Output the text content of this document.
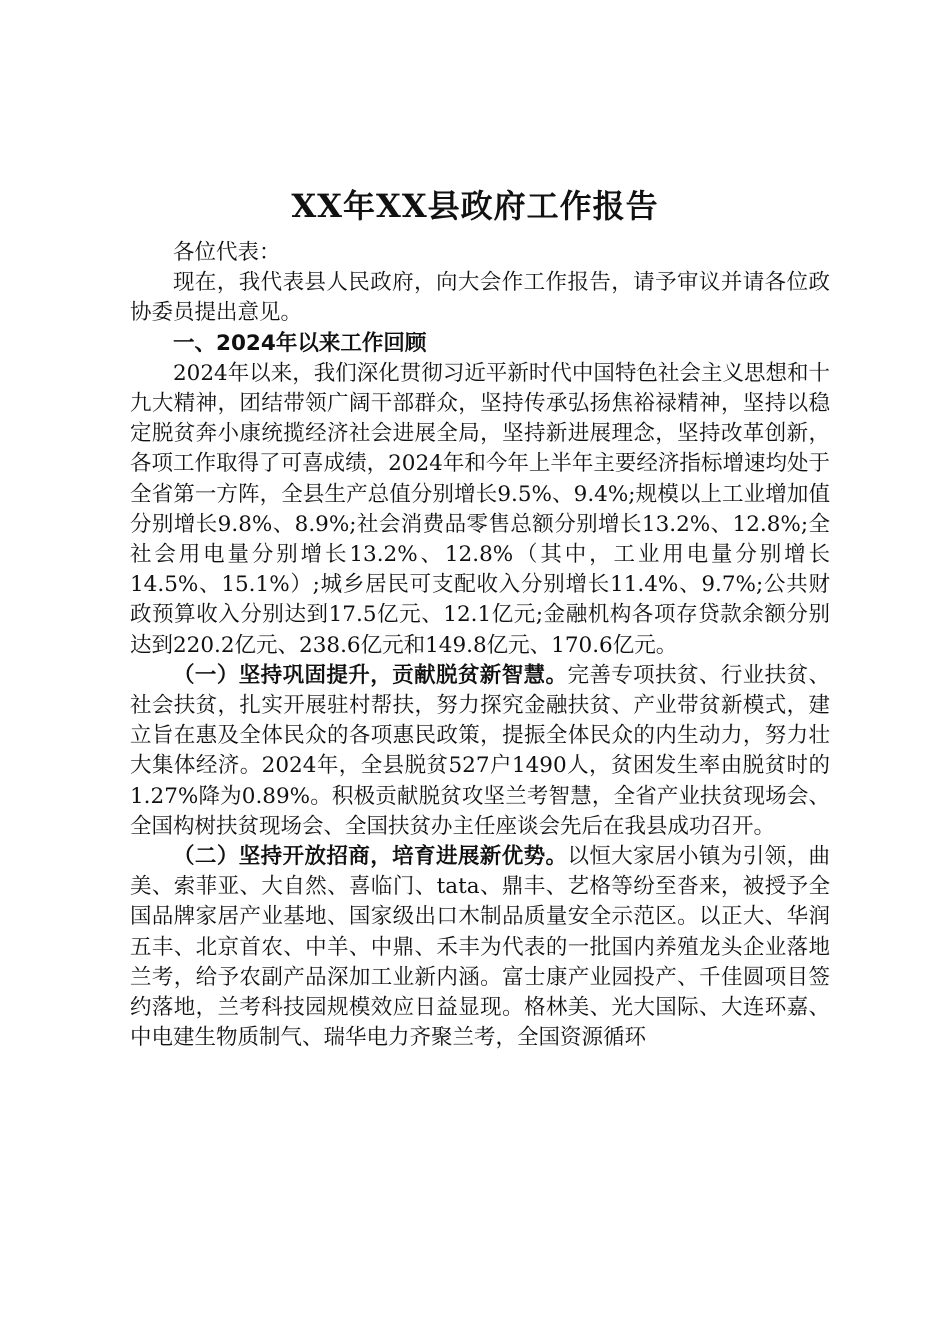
XX年XX县政府工作报告

各位代表：

现在，我代表县人民政府，向大会作工作报告，请予审议并请各位政协委员提出意见。

一、2024年以来工作回顾

2024年以来，我们深化贯彻习近平新时代中国特色社会主义思想和十九大精神，团结带领广阔干部群众，坚持传承弘扬焦裕禄精神，坚持以稳定脱贫奔小康统揽经济社会进展全局，坚持新进展理念，坚持改革创新，各项工作取得了可喜成绩，2024年和今年上半年主要经济指标增速均处于全省第一方阵，全县生产总值分别增长9.5%、9.4%;规模以上工业增加值分别增长9.8%、8.9%;社会消费品零售总额分别增长13.2%、12.8%;全社会用电量分别增长13.2%、12.8%（其中，工业用电量分别增长14.5%、15.1%）;城乡居民可支配收入分别增长11.4%、9.7%;公共财政预算收入分别达到17.5亿元、12.1亿元;金融机构各项存贷款余额分别达到220.2亿元、238.6亿元和149.8亿元、170.6亿元。

（一）坚持巩固提升，贡献脱贫新智慧。完善专项扶贫、行业扶贫、社会扶贫，扎实开展驻村帮扶，努力探究金融扶贫、产业带贫新模式，建立旨在惠及全体民众的各项惠民政策，提振全体民众的内生动力，努力壮大集体经济。2024年，全县脱贫527户1490人，贫困发生率由脱贫时的1.27%降为0.89%。积极贡献脱贫攻坚兰考智慧，全省产业扶贫现场会、全国构树扶贫现场会、全国扶贫办主任座谈会先后在我县成功召开。

（二）坚持开放招商，培育进展新优势。以恒大家居小镇为引领，曲美、索菲亚、大自然、喜临门、tata、鼎丰、艺格等纷至沓来，被授予全国品牌家居产业基地、国家级出口木制品质量安全示范区。以正大、华润五丰、北京首农、中羊、中鼎、禾丰为代表的一批国内养殖龙头企业落地兰考，给予农副产品深加工业新内涵。富士康产业园投产、千佳圆项目签约落地，兰考科技园规模效应日益显现。格林美、光大国际、大连环嘉、中电建生物质制气、瑞华电力齐聚兰考，全国资源循环
